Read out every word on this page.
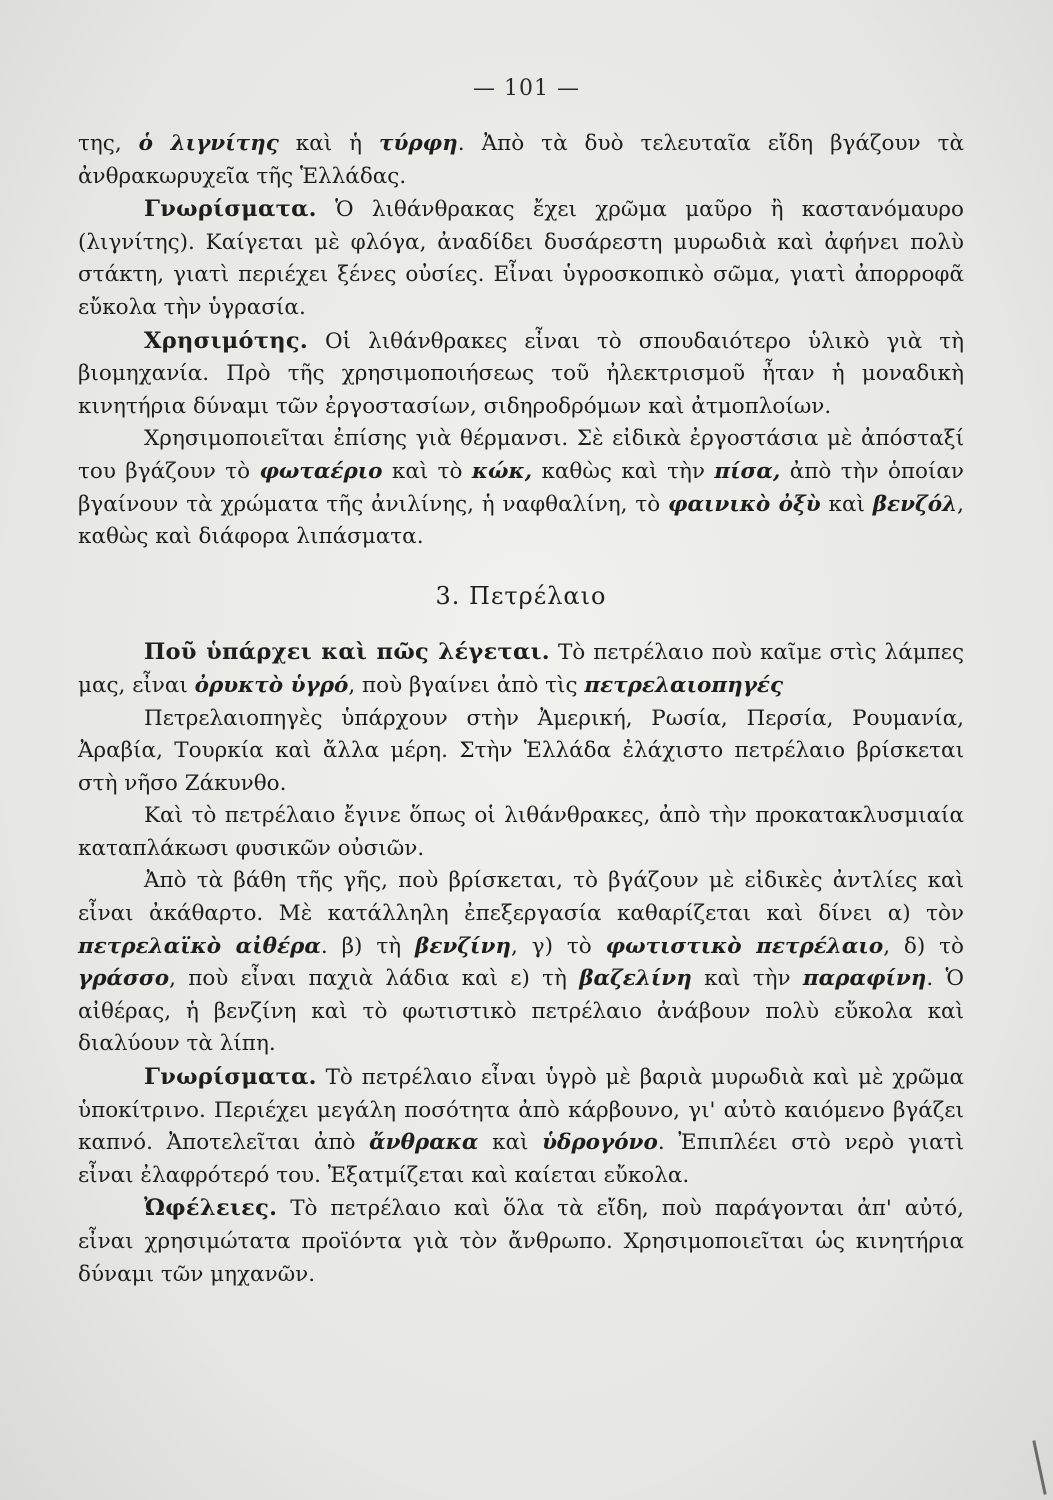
— 101 —

της, ὁ λιγνίτης καὶ ἡ τύρφη. Ἀπὸ τὰ δυὸ τελευταῖα εἴδη βγάζουν τὰ ἀνθρακωρυχεῖα τῆς Ἑλλάδας.

Γνωρίσματα. Ὁ λιθάνθρακας ἔχει χρῶμα μαῦρο ἢ καστανόμαυρο (λιγνίτης). Καίγεται μὲ φλόγα, ἀναδίδει δυσάρεστη μυρωδιὰ καὶ ἀφήνει πολὺ στάκτη, γιατὶ περιέχει ξένες οὐσίες. Εἶναι ὑγροσκοπικὸ σῶμα, γιατὶ ἀπορροφᾶ εὔκολα τὴν ὑγρασία.

Χρησιμότης. Οἱ λιθάνθρακες εἶναι τὸ σπουδαιότερο ὑλικὸ γιὰ τὴ βιομηχανία. Πρὸ τῆς χρησιμοποιήσεως τοῦ ἠλεκτρισμοῦ ἦταν ἡ μοναδικὴ κινητήρια δύναμι τῶν ἐργοστασίων, σιδηροδρόμων καὶ ἀτμοπλοίων.

Χρησιμοποιεῖται ἐπίσης γιὰ θέρμανσι. Σὲ εἰδικὰ ἐργοστάσια μὲ ἀπόσταξί του βγάζουν τὸ φωταέριο καὶ τὸ κώκ, καθὼς καὶ τὴν πίσα, ἀπὸ τὴν ὁποίαν βγαίνουν τὰ χρώματα τῆς ἀνιλίνης, ἡ ναφθαλίνη, τὸ φαινικὸ ὀξὺ καὶ βενζόλ, καθὼς καὶ διάφορα λιπάσματα.

3. Πετρέλαιο

Ποῦ ὑπάρχει καὶ πῶς λέγεται. Τὸ πετρέλαιο ποὺ καῖμε στὶς λάμπες μας, εἶναι ὀρυκτὸ ὑγρό, ποὺ βγαίνει ἀπὸ τὶς πετρελαιοπηγές

Πετρελαιοπηγὲς ὑπάρχουν στὴν Ἀμερική, Ρωσία, Περσία, Ρουμανία, Ἀραβία, Τουρκία καὶ ἄλλα μέρη. Στὴν Ἑλλάδα ἐλάχιστο πετρέλαιο βρίσκεται στὴ νῆσο Ζάκυνθο.

Καὶ τὸ πετρέλαιο ἔγινε ὅπως οἱ λιθάνθρακες, ἀπὸ τὴν προκατακλυσμιαία καταπλάκωσι φυσικῶν οὐσιῶν.

Ἀπὸ τὰ βάθη τῆς γῆς, ποὺ βρίσκεται, τὸ βγάζουν μὲ εἰδικὲς ἀντλίες καὶ εἶναι ἀκάθαρτο. Μὲ κατάλληλη ἐπεξεργασία καθαρίζεται καὶ δίνει α) τὸν πετρελαϊκὸ αἰθέρα. β) τὴ βενζίνη, γ) τὸ φωτιστικὸ πετρέλαιο, δ) τὸ γράσσο, ποὺ εἶναι παχιὰ λάδια καὶ ε) τὴ βαζελίνη καὶ τὴν παραφίνη. Ὁ αἰθέρας, ἡ βενζίνη καὶ τὸ φωτιστικὸ πετρέλαιο ἀνάβουν πολὺ εὔκολα καὶ διαλύουν τὰ λίπη.

Γνωρίσματα. Τὸ πετρέλαιο εἶναι ὑγρὸ μὲ βαριὰ μυρωδιὰ καὶ μὲ χρῶμα ὑποκίτρινο. Περιέχει μεγάλη ποσότητα ἀπὸ κάρβουνο, γι' αὐτὸ καιόμενο βγάζει καπνό. Ἀποτελεῖται ἀπὸ ἄνθρακα καὶ ὑδρογόνο. Ἐπιπλέει στὸ νερὸ γιατὶ εἶναι ἐλαφρότερό του. Ἐξατμίζεται καὶ καίεται εὔκολα.

Ὠφέλειες. Τὸ πετρέλαιο καὶ ὅλα τὰ εἴδη, ποὺ παράγονται ἀπ' αὐτό, εἶναι χρησιμώτατα προϊόντα γιὰ τὸν ἄνθρωπο. Χρησιμοποιεῖται ὡς κινητήρια δύναμι τῶν μηχανῶν.
